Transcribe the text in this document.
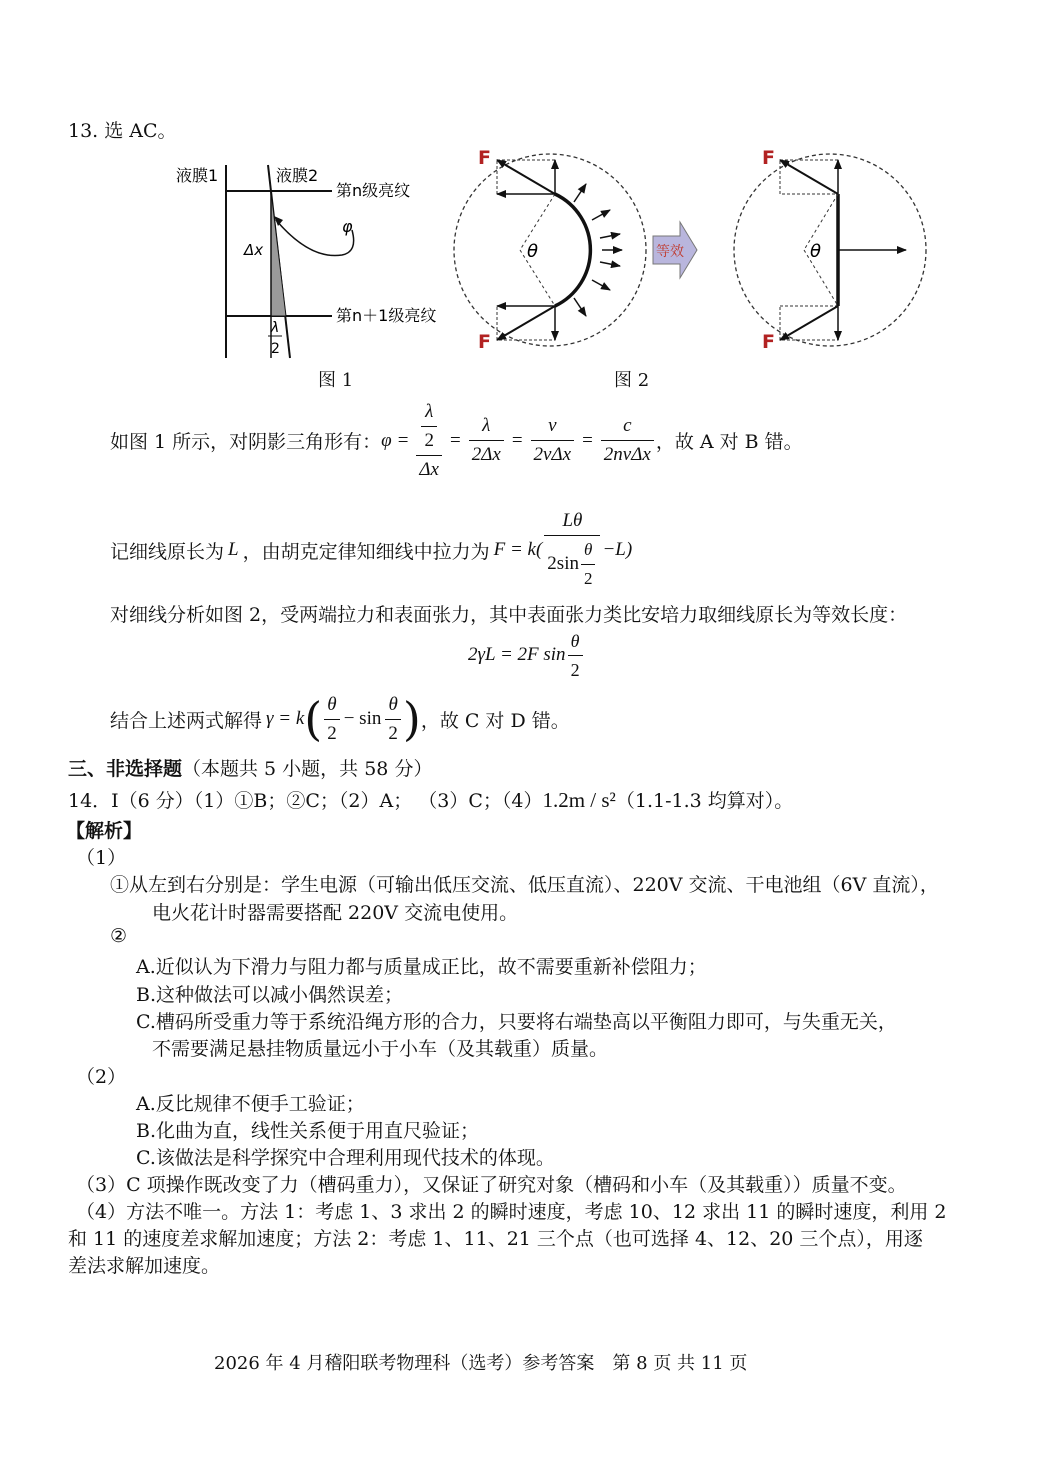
13. 选 AC。
液膜1	液膜2
第n级亮纹
第n＋1级亮纹
Δx
φ
λ
2
图 1
F
F
θ	等效
F
F
θ
图 2
如图 1 所示，对阴影三角形有： $\varphi = \frac{\frac{\lambda}{2}}{\Delta x} = \frac{\lambda}{2\Delta x} = \frac{v}{\text{2vΔx}} = \frac{c}{\text{2nvΔx}}$ ，故 A 对 B 错。
记细线原长为 L ，由胡克定律知细线中拉力为 $F = k( \frac{L\theta}{2\sin \frac{\theta}{2}} -L)$
对细线分析如图 2，受两端拉力和表面张力，其中表面张力类比安培力取细线原长为等效长度：
2γL = 2F $\sin \frac{\theta}{2}$
结合上述两式解得 γ = k ( $\frac{\theta}{2} - \sin \frac{\theta}{2}$ ) ，故 C 对 D 错。
三、非选择题（本题共 5 小题，共 58 分）
14．Ⅰ（6 分）（1）①B；②C；（2）A； （3）C；（4）1.2m / s²（1.1-1.3 均算对）。
【解析】
（1）
①从左到右分别是：学生电源（可输出低压交流、低压直流）、220V 交流、干电池组（6V 直流），
电火花计时器需要搭配 220V 交流电使用。
②
A.近似认为下滑力与阻力都与质量成正比，故不需要重新补偿阻力；
B.这种做法可以减小偶然误差；
C.槽码所受重力等于系统沿绳方形的合力，只要将右端垫高以平衡阻力即可，与失重无关，
不需要满足悬挂物质量远小于小车（及其载重）质量。
（2）
A.反比规律不便手工验证；
B.化曲为直，线性关系便于用直尺验证；
C.该做法是科学探究中合理利用现代技术的体现。
（3）C 项操作既改变了力（槽码重力），又保证了研究对象（槽码和小车（及其载重））质量不变。
（4）方法不唯一。方法 1：考虑 1、3 求出 2 的瞬时速度，考虑 10、12 求出 11 的瞬时速度，利用 2
和 11 的速度差求解加速度；方法 2：考虑 1、11、21 三个点（也可选择 4、12、20 三个点），用逐
差法求解加速度。
2026 年 4 月稽阳联考物理科（选考）参考答案　第 8 页 共 11 页
